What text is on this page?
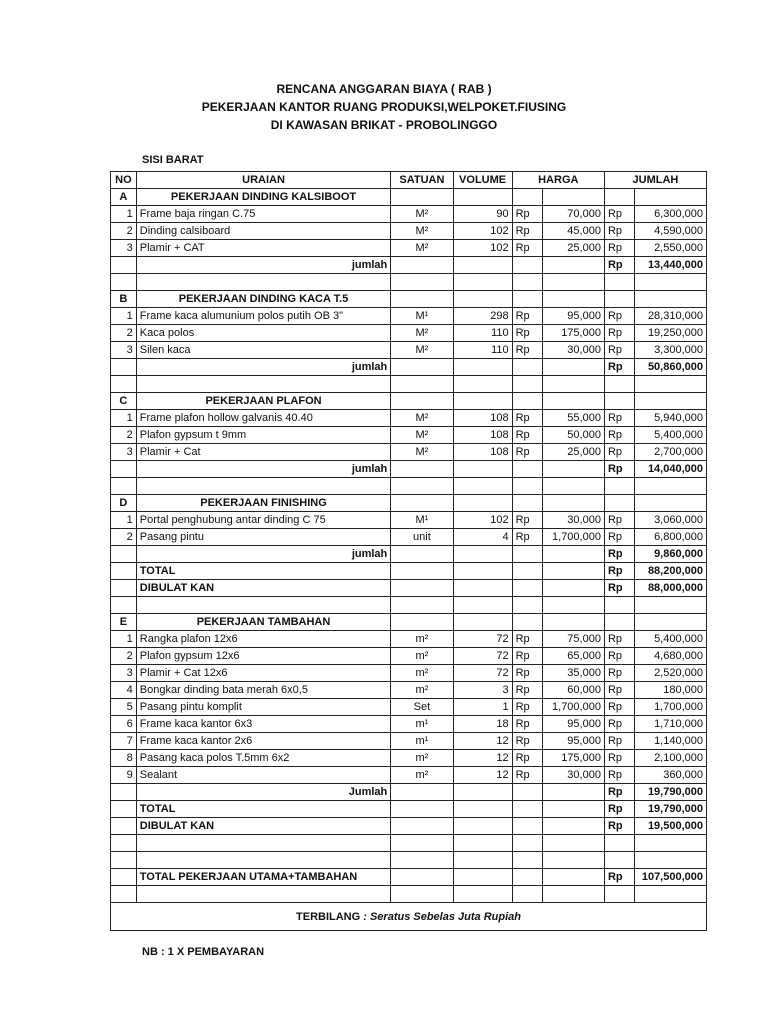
RENCANA ANGGARAN BIAYA ( RAB )
PEKERJAAN KANTOR RUANG PRODUKSI,WELPOKET.FIUSING
DI KAWASAN BRIKAT - PROBOLINGGO
SISI BARAT
NO	URAIAN	SATUAN	VOLUME	HARGA		JUMLAH	
A	PEKERJAAN DINDING KALSIBOOT						
1	Frame baja ringan C.75	M²	90	Rp	70,000	Rp	6,300,000
2	Dinding calsiboard	M²	102	Rp	45,000	Rp	4,590,000
3	Plamir + CAT	M²	102	Rp	25,000	Rp	2,550,000
	jumlah					Rp	13,440,000

B	PEKERJAAN DINDING KACA T.5						
1	Frame kaca alumunium polos putih OB 3"	M¹	298	Rp	95,000	Rp	28,310,000
2	Kaca polos	M²	110	Rp	175,000	Rp	19,250,000
3	Silen kaca	M²	110	Rp	30,000	Rp	3,300,000
	jumlah					Rp	50,860,000

C	PEKERJAAN PLAFON						
1	Frame plafon hollow galvanis 40.40	M²	108	Rp	55,000	Rp	5,940,000
2	Plafon gypsum t 9mm	M²	108	Rp	50,000	Rp	5,400,000
3	Plamir + Cat	M²	108	Rp	25,000	Rp	2,700,000
	jumlah					Rp	14,040,000

D	PEKERJAAN FINISHING						
1	Portal penghubung antar dinding C 75	M¹	102	Rp	30,000	Rp	3,060,000
2	Pasang pintu	unit	4	Rp	1,700,000	Rp	6,800,000
	jumlah					Rp	9,860,000
	TOTAL					Rp	88,200,000
	DIBULAT KAN					Rp	88,000,000

E	PEKERJAAN TAMBAHAN						
1	Rangka plafon 12x6	m²	72	Rp	75,000	Rp	5,400,000
2	Plafon gypsum 12x6	m²	72	Rp	65,000	Rp	4,680,000
3	Plamir + Cat 12x6	m²	72	Rp	35,000	Rp	2,520,000
4	Bongkar dinding bata merah 6x0,5	m²	3	Rp	60,000	Rp	180,000
5	Pasang pintu komplit	Set	1	Rp	1,700,000	Rp	1,700,000
6	Frame kaca kantor 6x3	m¹	18	Rp	95,000	Rp	1,710,000
7	Frame kaca kantor 2x6	m¹	12	Rp	95,000	Rp	1,140,000
8	Pasang kaca polos T.5mm 6x2	m²	12	Rp	175,000	Rp	2,100,000
9	Sealant	m²	12	Rp	30,000	Rp	360,000
	Jumlah					Rp	19,790,000
	TOTAL					Rp	19,790,000
	DIBULAT KAN					Rp	19,500,000

	TOTAL PEKERJAAN UTAMA+TAMBAHAN					Rp	107,500,000

TERBILANG : Seratus Sebelas Juta Rupiah							
NB : 1 X PEMBAYARAN
